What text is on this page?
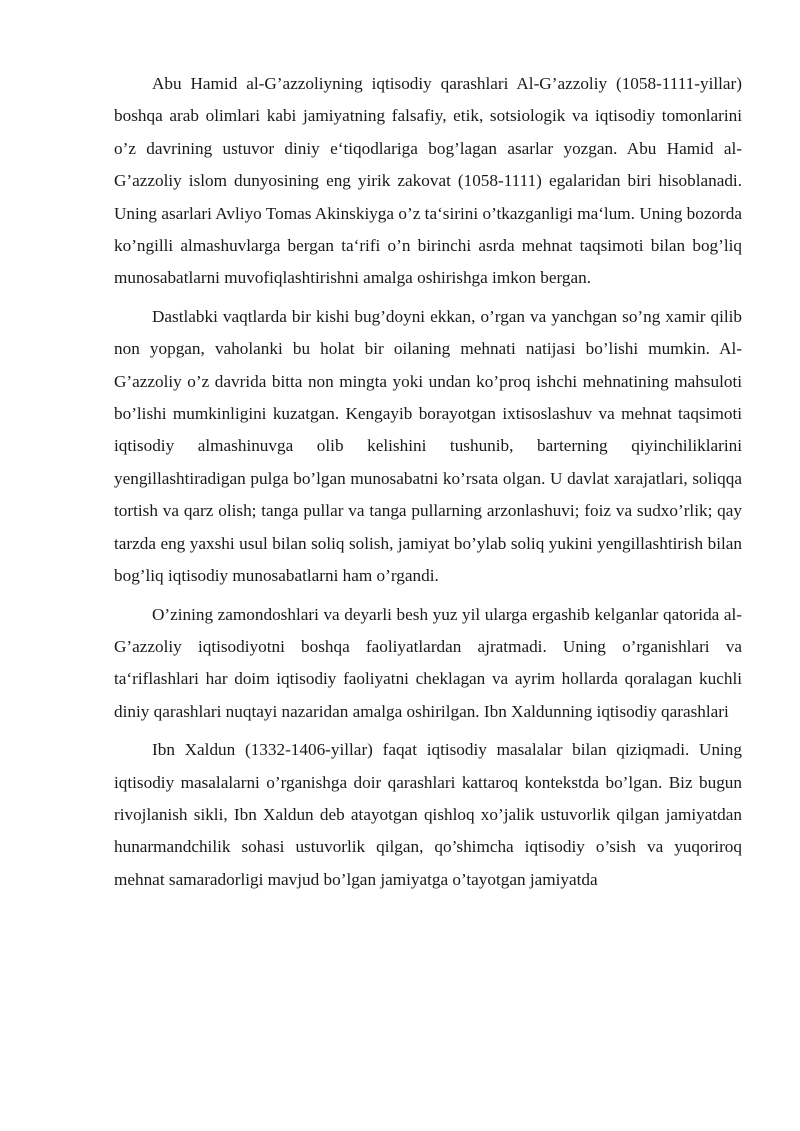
Abu Hamid al-G’azzoliyning iqtisodiy qarashlari Al-G’azzoliy (1058-1111-yillar) boshqa arab olimlari kabi jamiyatning falsafiy, etik, sotsiologik va iqtisodiy tomonlarini o’z davrining ustuvor diniy e‘tiqodlariga bog’lagan asarlar yozgan. Abu Hamid al-G’azzoliy islom dunyosining eng yirik zakovat (1058-1111) egalaridan biri hisoblanadi. Uning asarlari Avliyo Tomas Akinskiyga o’z ta‘sirini o’tkazganligi ma‘lum. Uning bozorda ko’ngilli almashuvlarga bergan ta‘rifi o’n birinchi asrda mehnat taqsimoti bilan bog’liq munosabatlarni muvofiqlashtirishni amalga oshirishga imkon bergan.

Dastlabki vaqtlarda bir kishi bug’doyni ekkan, o’rgan va yanchgan so’ng xamir qilib non yopgan, vaholanki bu holat bir oilaning mehnati natijasi bo’lishi mumkin. Al-G’azzoliy o’z davrida bitta non mingta yoki undan ko’proq ishchi mehnatining mahsuloti bo’lishi mumkinligini kuzatgan. Kengayib borayotgan ixtisoslashuv va mehnat taqsimoti iqtisodiy almashinuvga olib kelishini tushunib, barterning qiyinchiliklarini yengillashtiradigan pulga bo’lgan munosabatni ko’rsata olgan. U davlat xarajatlari, soliqqa tortish va qarz olish; tanga pullar va tanga pullarning arzonlashuvi; foiz va sudxo’rlik; qay tarzda eng yaxshi usul bilan soliq solish, jamiyat bo’ylab soliq yukini yengillashtirish bilan bog’liq iqtisodiy munosabatlarni ham o’rgandi.

O’zining zamondoshlari va deyarli besh yuz yil ularga ergashib kelganlar qatorida al-G’azzoliy iqtisodiyotni boshqa faoliyatlardan ajratmadi. Uning o’rganishlari va ta‘riflashlari har doim iqtisodiy faoliyatni cheklagan va ayrim hollarda qoralagan kuchli diniy qarashlari nuqtayi nazaridan amalga oshirilgan. Ibn Xaldunning iqtisodiy qarashlari

Ibn Xaldun (1332-1406-yillar) faqat iqtisodiy masalalar bilan qiziqmadi. Uning iqtisodiy masalalarni o’rganishga doir qarashlari kattaroq kontekstda bo’lgan. Biz bugun rivojlanish sikli, Ibn Xaldun deb atayotgan qishloq xo’jalik ustuvorlik qilgan jamiyatdan hunarmandchilik sohasi ustuvorlik qilgan, qo’shimcha iqtisodiy o’sish va yuqoriroq mehnat samaradorligi mavjud bo’lgan jamiyatga o’tayotgan jamiyatda
